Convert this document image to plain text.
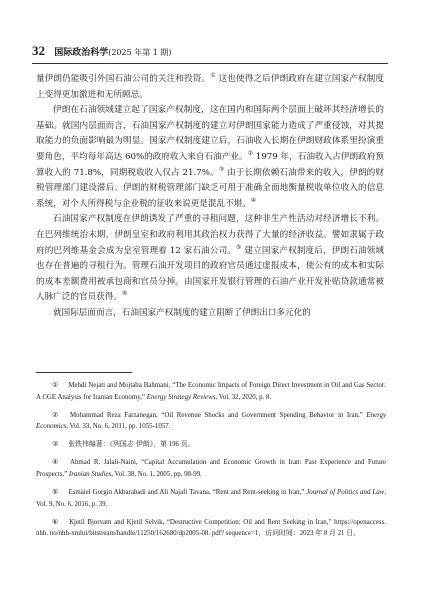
32 国际政治科学(2025 年第 1 期)

量伊朗仍能吸引外国石油公司的关注和投资。① 这也使得之后伊朗政府在建立国家产权制度上变得更加激进和无所顾忌。

伊朗在石油领域建立起了国家产权制度，这在国内和国际两个层面上破坏其经济增长的基础。就国内层面而言，石油国家产权制度的建立对伊朗国家能力造成了严重侵蚀，对其提取能力的负面影响最为明显。国家产权制度建立后，石油收入长期在伊朗财政体系里扮演重要角色，平均每年高达 60%的政府收入来自石油产业。② 1979 年，石油收入占伊朗政府预算收入的 71.8%，同期税收收入仅占 21.7%。③ 由于长期依赖石油带来的收入，伊朗的财税管理部门建设滞后。伊朗的财税管理部门缺乏可用于准确全面地衡量税收单位收入的信息系统，对个人所得税与企业税的征收来说更是混乱不堪。④

石油国家产权制度在伊朗诱发了严重的寻租问题，这种非生产性活动对经济增长不利。在巴列维统治末期，伊朗皇室和政府利用其政治权力获得了大量的经济收益。譬如隶属于政府的巴列维基金会成为皇室管理着 12 家石油公司。⑤ 建立国家产权制度后，伊朗石油领域也存在普遍的寻租行为。管理石油开发项目的政府官员通过虚报成本，使公有的成本和实际的成本差额费用被承包商和官员分掉。由国家开发银行管理的石油产业开发补贴贷款通常被人脉广泛的官员获得。⑥

就国际层面而言，石油国家产权制度的建立阻断了伊朗出口多元化的

① Mehdi Nejati and Mojtaba Bahmani, “The Economic Impacts of Foreign Direct Investment in Oil and Gas Sector: A CGE Analysis for Iranian Economy,” Energy Strategy Reviews, Vol. 32, 2020, p. 8.

② Mohammad Reza Farzanegan, “Oil Revenue Shocks and Government Spending Behavior in Iran,” Energy Economics, Vol. 33, No. 6, 2011, pp. 1055-1057.

③ 张铁伟编著：《列国志·伊朗》，第 196 页。

④ Ahmad R. Jalali-Naini, “Capital Accumulation and Economic Growth in Iran: Past Experience and Future Prospects,” Iranian Studies, Vol. 38, No. 1, 2005, pp. 98-99.

⑤ Esmaiel Gorgin Akbarabadi and Ali Najafi Tavana, “Rent and Rent-seeking in Iran,” Journal of Politics and Law, Vol. 9, No. 6, 2016, p. 39.

⑥ Kjetil Bjorvatn and Kjetil Selvik, “Destructive Competition: Oil and Rent Seeking in Iran,” https://openaccess. nhh. no/nhh-xmlui/bitstream/handle/11250/162680/dp2005-08. pdf? sequence=1，访问时间：2023 年 8 月 21 日。
